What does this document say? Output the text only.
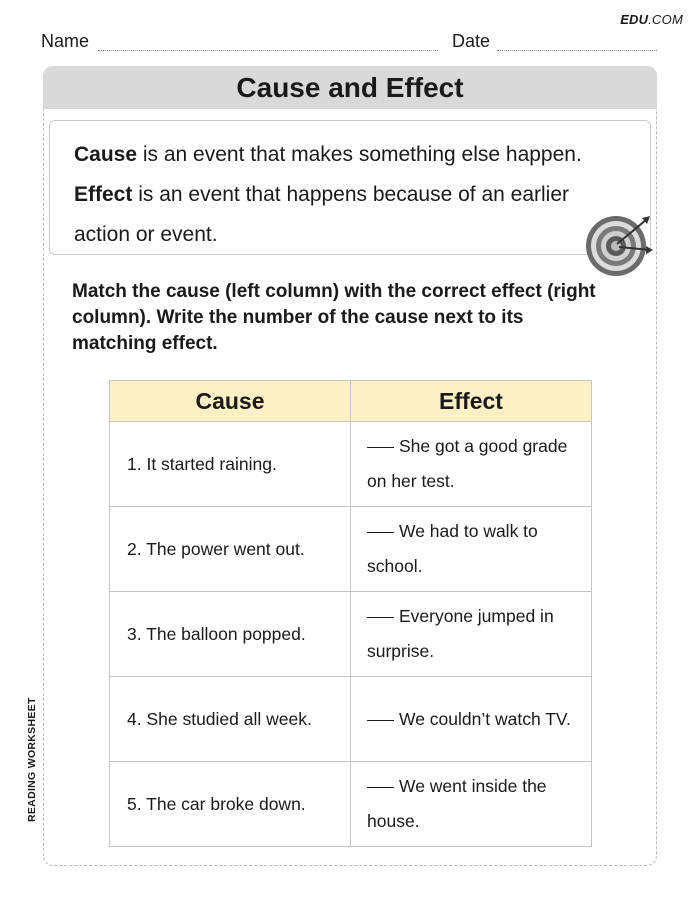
EDU.COM
Name	Date
Cause and Effect
Cause is an event that makes something else happen.
Effect is an event that happens because of an earlier action or event.
Match the cause (left column) with the correct effect (right column). Write the number of the cause next to its matching effect.
Cause	Effect
1. It started raining.	She got a good grade on her test.
2. The power went out.	We had to walk to school.
3. The balloon popped.	Everyone jumped in surprise.
4. She studied all week.	We couldn’t watch TV.
5. The car broke down.	We went inside the house.
READING WORKSHEET
